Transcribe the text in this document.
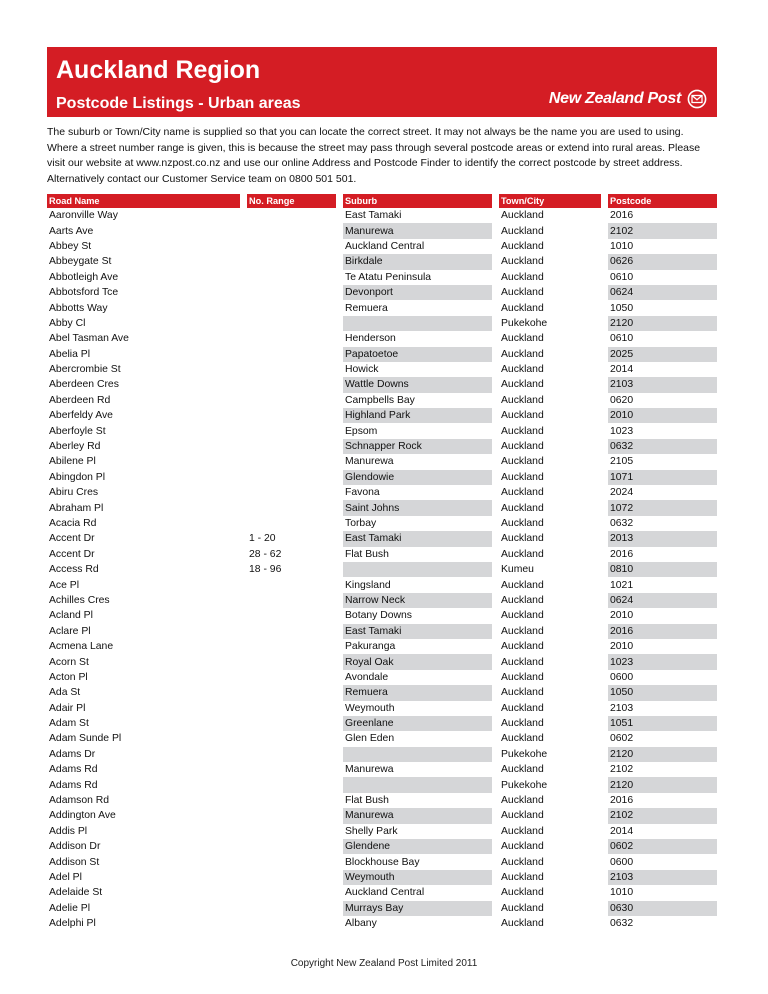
Auckland Region
Postcode Listings - Urban areas	New Zealand Post

The suburb or Town/City name is supplied so that you can locate the correct street. It may not always be the name you are used to using. Where a street number range is given, this is because the street may pass through several postcode areas or extend into rural areas. Please visit our website at www.nzpost.co.nz and use our online Address and Postcode Finder to identify the correct postcode by street address. Alternatively contact our Customer Service team on 0800 501 501.

Road Name		No. Range		Suburb		Town/City		Postcode
Aaronville Way				East Tamaki		Auckland		2016
Aarts Ave				Manurewa		Auckland		2102
Abbey St				Auckland Central		Auckland		1010
Abbeygate St				Birkdale		Auckland		0626
Abbotleigh Ave				Te Atatu Peninsula		Auckland		0610
Abbotsford Tce				Devonport		Auckland		0624
Abbotts Way				Remuera		Auckland		1050
Abby Cl						Pukekohe		2120
Abel Tasman Ave				Henderson		Auckland		0610
Abelia Pl				Papatoetoe		Auckland		2025
Abercrombie St				Howick		Auckland		2014
Aberdeen Cres				Wattle Downs		Auckland		2103
Aberdeen Rd				Campbells Bay		Auckland		0620
Aberfeldy Ave				Highland Park		Auckland		2010
Aberfoyle St				Epsom		Auckland		1023
Aberley Rd				Schnapper Rock		Auckland		0632
Abilene Pl				Manurewa		Auckland		2105
Abingdon Pl				Glendowie		Auckland		1071
Abiru Cres				Favona		Auckland		2024
Abraham Pl				Saint Johns		Auckland		1072
Acacia Rd				Torbay		Auckland		0632
Accent Dr		1 - 20		East Tamaki		Auckland		2013
Accent Dr		28 - 62		Flat Bush		Auckland		2016
Access Rd		18 - 96				Kumeu		0810
Ace Pl				Kingsland		Auckland		1021
Achilles Cres				Narrow Neck		Auckland		0624
Acland Pl				Botany Downs		Auckland		2010
Aclare Pl				East Tamaki		Auckland		2016
Acmena Lane				Pakuranga		Auckland		2010
Acorn St				Royal Oak		Auckland		1023
Acton Pl				Avondale		Auckland		0600
Ada St				Remuera		Auckland		1050
Adair Pl				Weymouth		Auckland		2103
Adam St				Greenlane		Auckland		1051
Adam Sunde Pl				Glen Eden		Auckland		0602
Adams Dr						Pukekohe		2120
Adams Rd				Manurewa		Auckland		2102
Adams Rd						Pukekohe		2120
Adamson Rd				Flat Bush		Auckland		2016
Addington Ave				Manurewa		Auckland		2102
Addis Pl				Shelly Park		Auckland		2014
Addison Dr				Glendene		Auckland		0602
Addison St				Blockhouse Bay		Auckland		0600
Adel Pl				Weymouth		Auckland		2103
Adelaide St				Auckland Central		Auckland		1010
Adelie Pl				Murrays Bay		Auckland		0630
Adelphi Pl				Albany		Auckland		0632
Copyright New Zealand Post Limited 2011
